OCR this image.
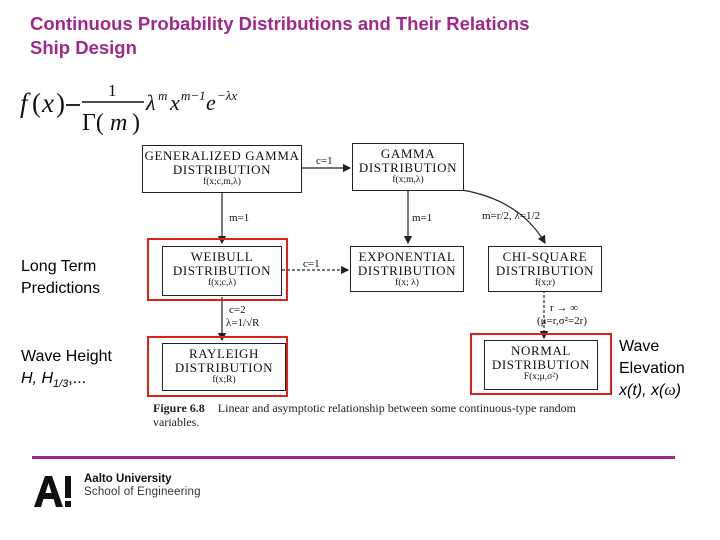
Continuous Probability Distributions and Their Relations
Ship Design
f ( x )	1
Γ( m )
λ m x m−1 e −λx
GENERALIZED GAMMA
DISTRIBUTION
f(x;c,m,λ)
GAMMA
DISTRIBUTION
f(x;m,λ)
WEIBULL
DISTRIBUTION
f(x;c,λ)
EXPONENTIAL
DISTRIBUTION
f(x; λ)
CHI-SQUARE
DISTRIBUTION
f(x;r)
RAYLEIGH
DISTRIBUTION
f(x;R)
NORMAL
DISTRIBUTION
F(x;μ,σ²)
c=1
m=1	m=1	m=r/2, λ=1/2
c=1
c=2
λ=1/√R
r → ∞
(μ=r,σ²=2r)
Figure 6.8 Linear and asymptotic relationship between some continuous-type random variables.
Long Term
Predictions
Wave Height
H, $H_{1/3}$,...
Wave
Elevation
x(t), x(ω)
Aalto University
School of Engineering
